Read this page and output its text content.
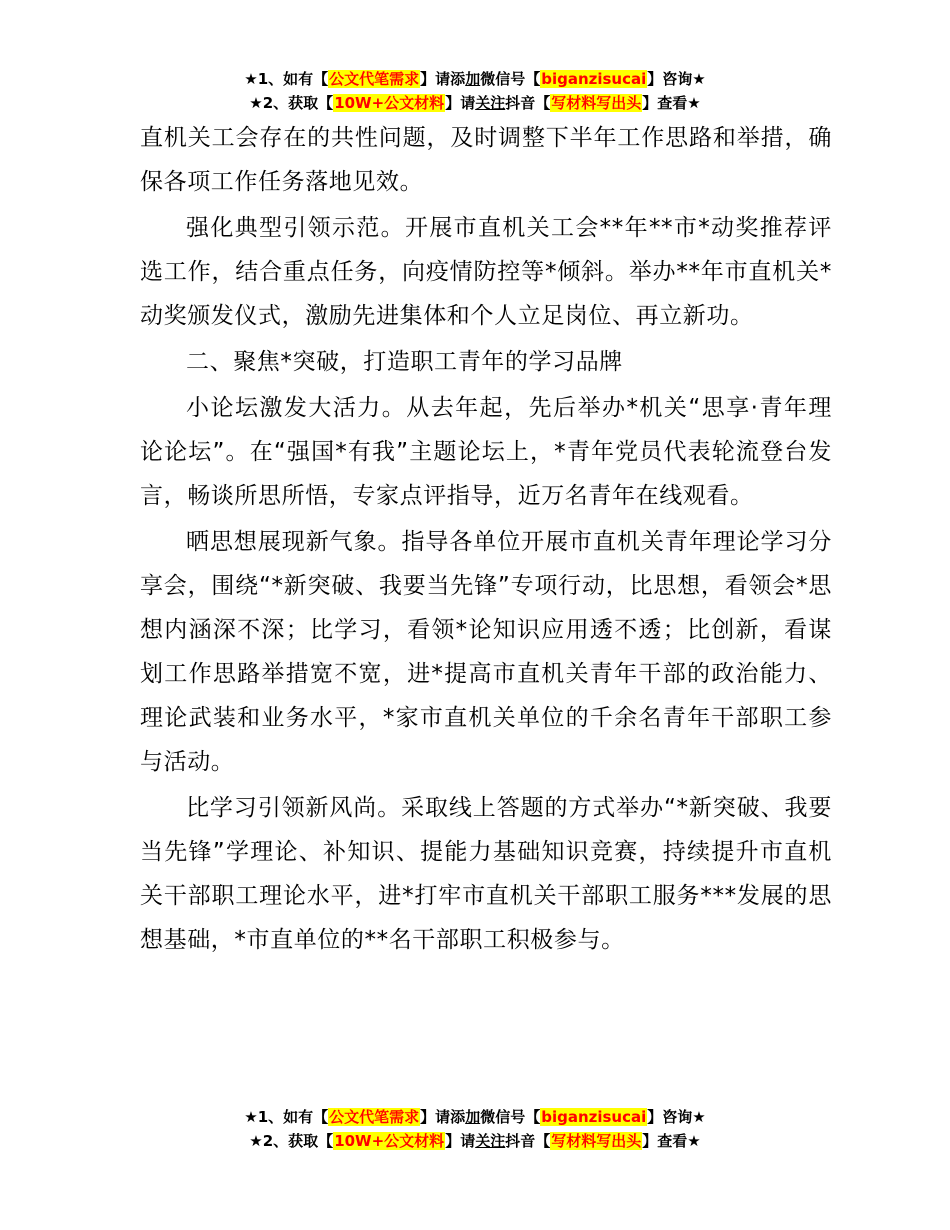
★1、如有【公文代笔需求】请添加微信号【biganzisucai】咨询★
★2、获取【10W+公文材料】请关注抖音【写材料写出头】查看★

直机关工会存在的共性问题，及时调整下半年工作思路和举措，确保各项工作任务落地见效。

强化典型引领示范。开展市直机关工会**年**市*动奖推荐评选工作，结合重点任务，向疫情防控等*倾斜。举办**年市直机关*动奖颁发仪式，激励先进集体和个人立足岗位、再立新功。

二、聚焦*突破，打造职工青年的学习品牌

小论坛激发大活力。从去年起，先后举办*机关“思享·青年理论论坛”。在“强国*有我”主题论坛上，*青年党员代表轮流登台发言，畅谈所思所悟，专家点评指导，近万名青年在线观看。

晒思想展现新气象。指导各单位开展市直机关青年理论学习分享会，围绕“*新突破、我要当先锋”专项行动，比思想，看领会*思想内涵深不深；比学习，看领*论知识应用透不透；比创新，看谋划工作思路举措宽不宽，进*提高市直机关青年干部的政治能力、理论武装和业务水平，*家市直机关单位的千余名青年干部职工参与活动。

比学习引领新风尚。采取线上答题的方式举办“*新突破、我要当先锋”学理论、补知识、提能力基础知识竞赛，持续提升市直机关干部职工理论水平，进*打牢市直机关干部职工服务***发展的思想基础，*市直单位的**名干部职工积极参与。

★1、如有【公文代笔需求】请添加微信号【biganzisucai】咨询★
★2、获取【10W+公文材料】请关注抖音【写材料写出头】查看★
